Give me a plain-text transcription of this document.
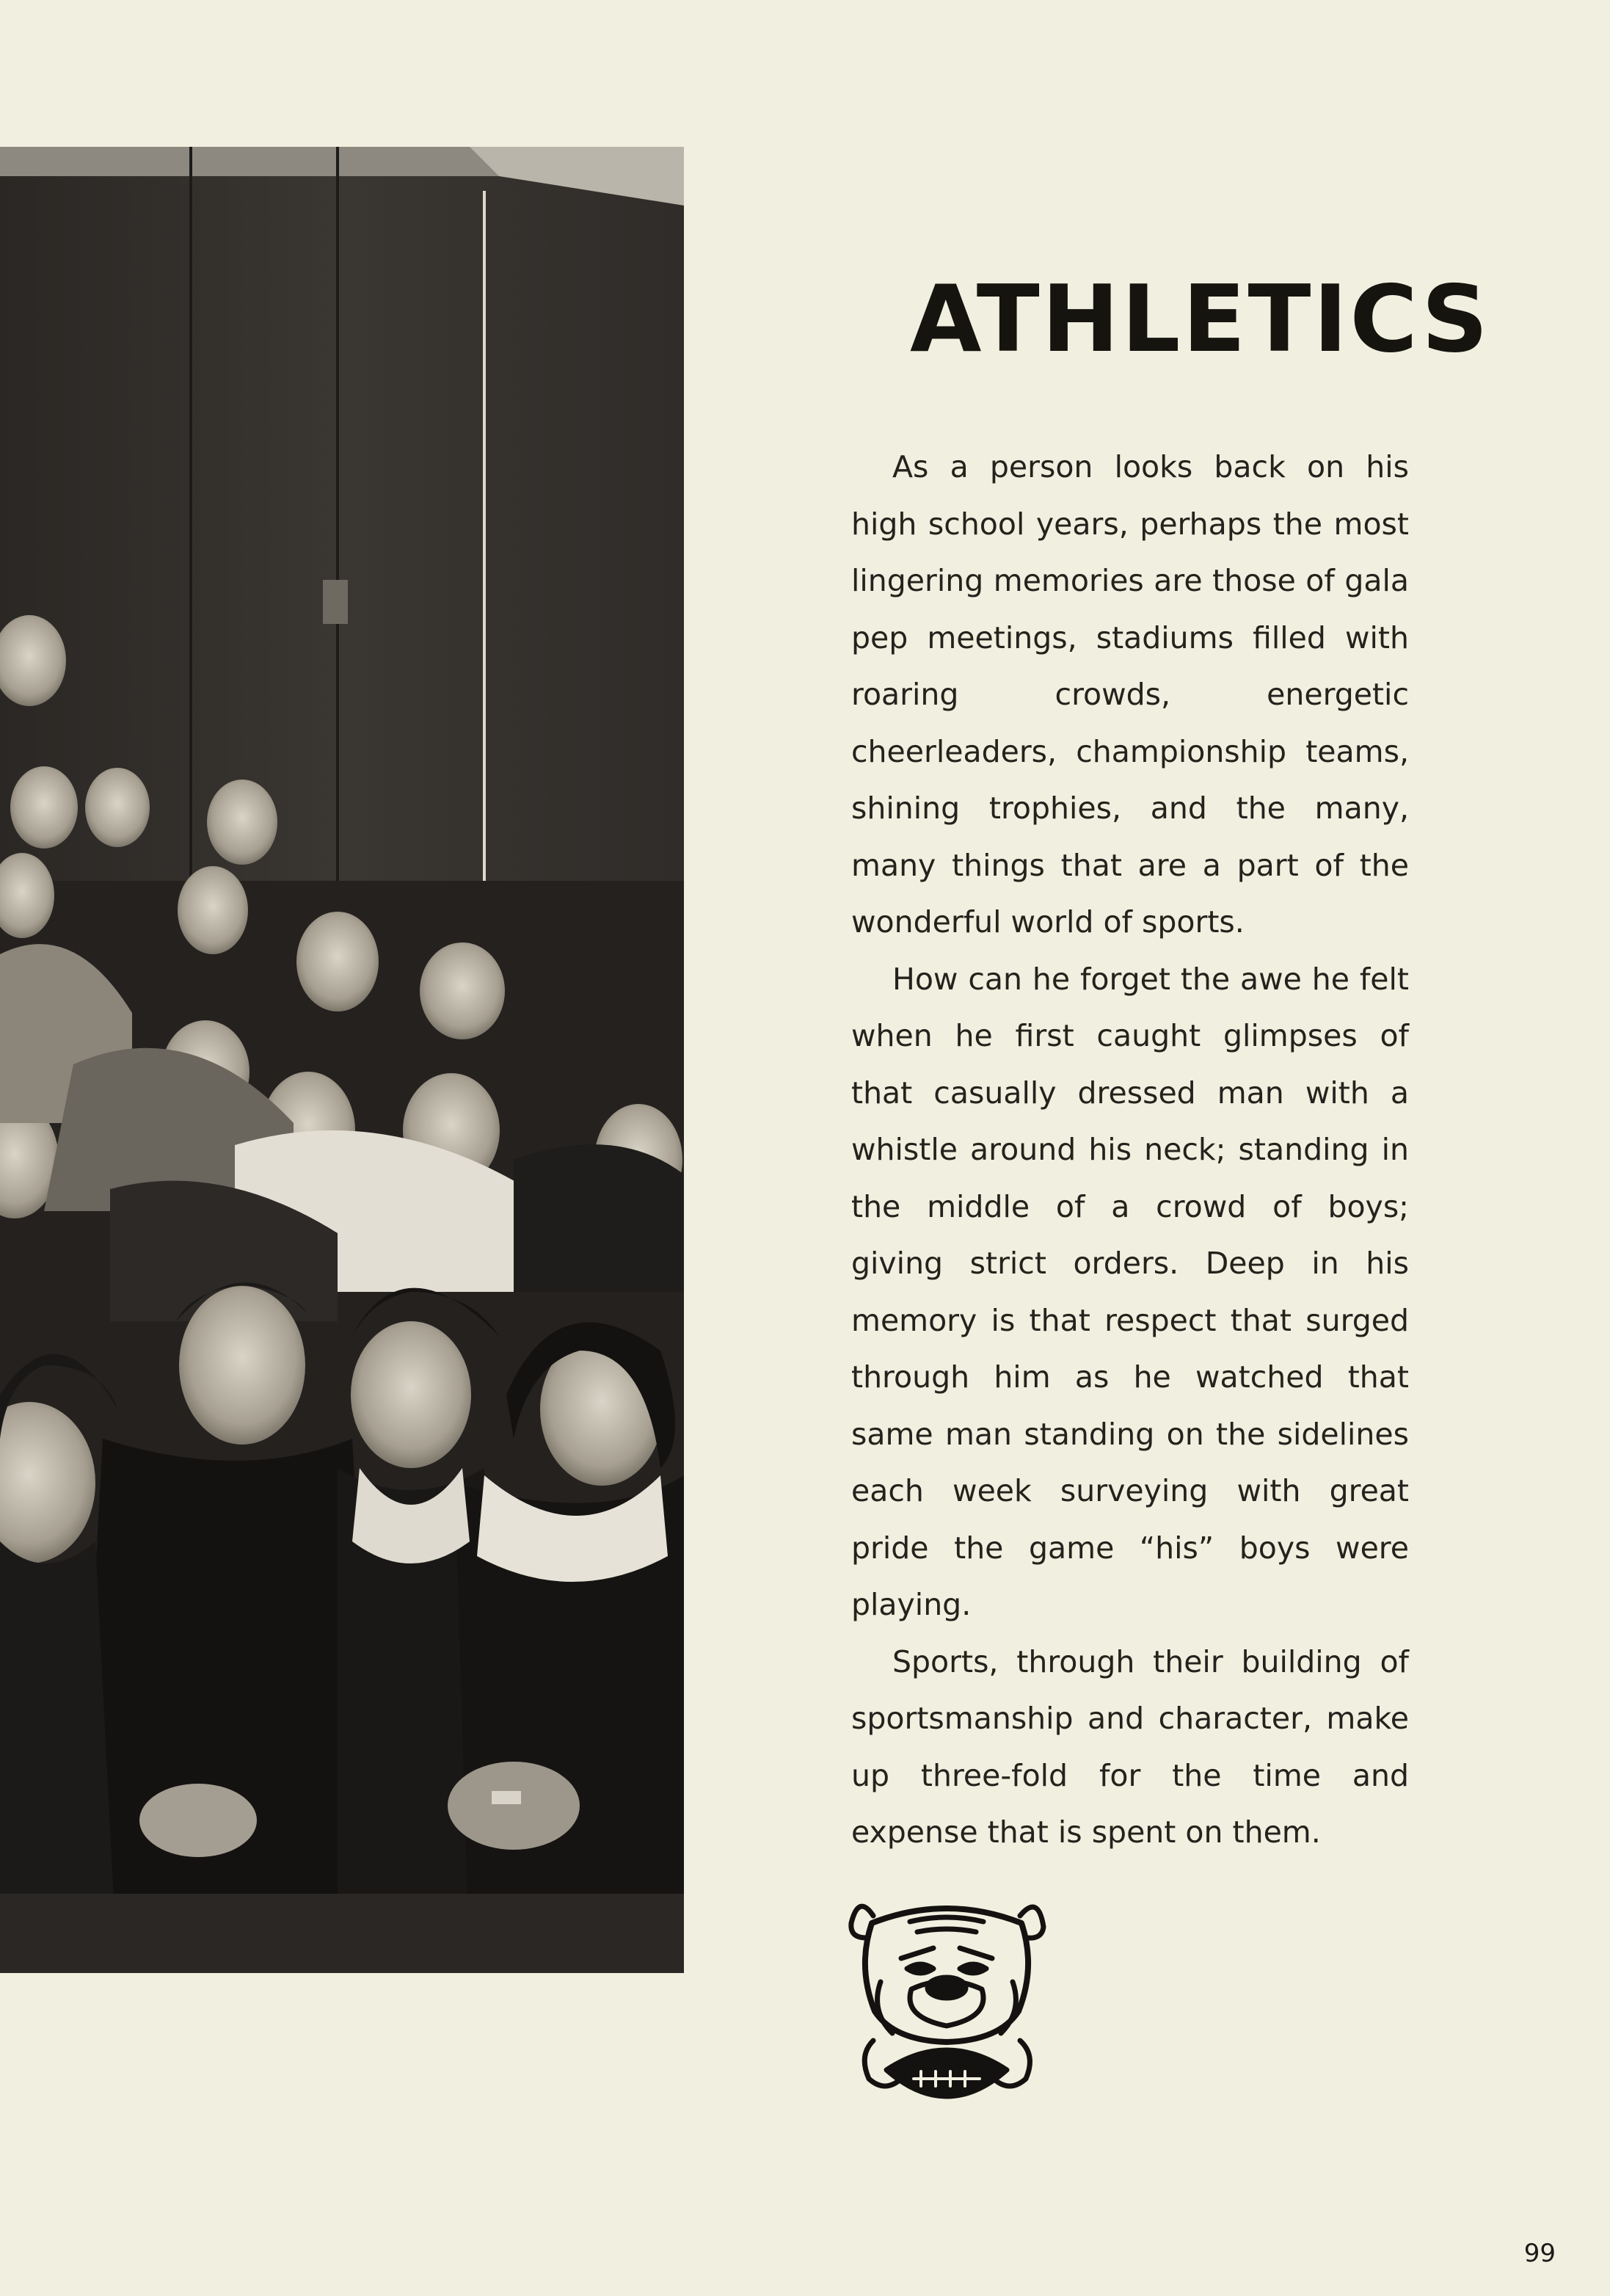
ATHLETICS

As a person looks back on his high school years, perhaps the most lingering memories are those of gala pep meetings, stadiums filled with roaring crowds, energetic cheerleaders, championship teams, shining trophies, and the many, many things that are a part of the wonderful world of sports.

How can he forget the awe he felt when he first caught glimpses of that casually dressed man with a whistle around his neck; standing in the middle of a crowd of boys; giving strict orders. Deep in his memory is that respect that surged through him as he watched that same man standing on the sidelines each week surveying with great pride the game “his” boys were playing.

Sports, through their building of sportsmanship and character, make up three-fold for the time and expense that is spent on them.

99
